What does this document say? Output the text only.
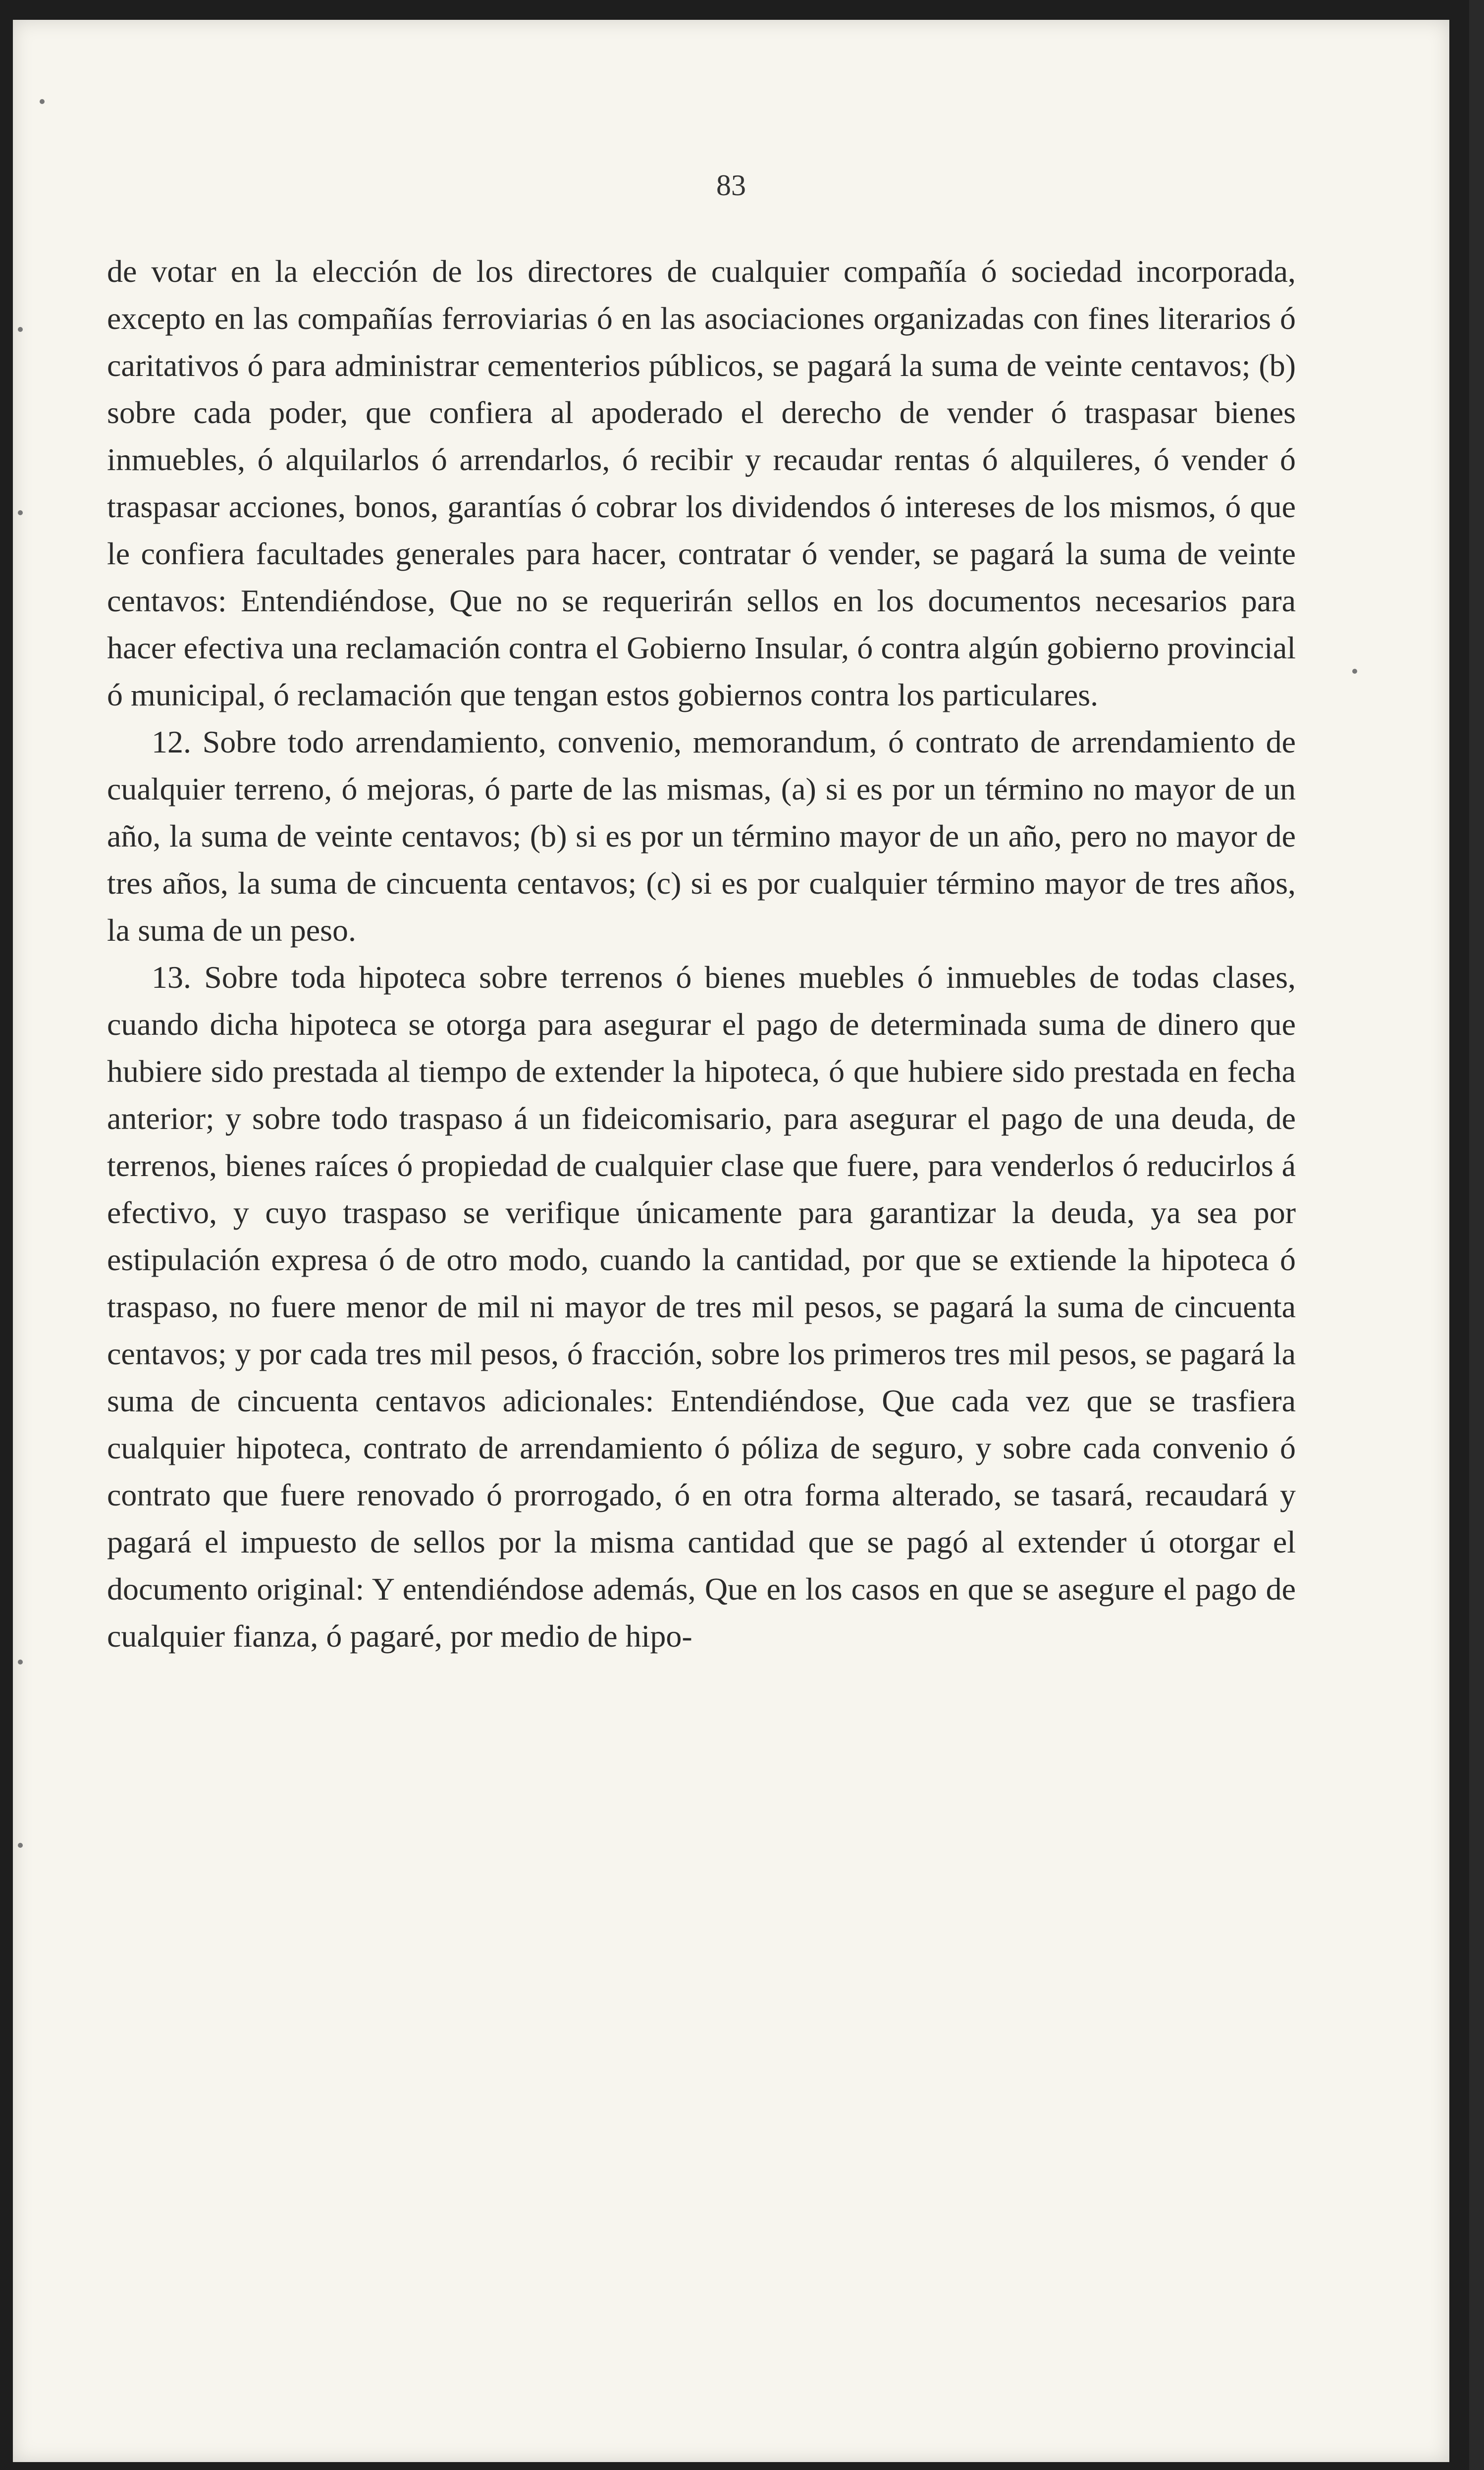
83

de votar en la elección de los directores de cualquier compañía ó sociedad incorporada, excepto en las compañías ferroviarias ó en las asociaciones organizadas con fines literarios ó caritativos ó para administrar cementerios públicos, se pagará la suma de veinte centavos; (b) sobre cada poder, que confiera al apoderado el derecho de vender ó traspasar bienes inmuebles, ó alquilarlos ó arrendarlos, ó recibir y recaudar rentas ó alquileres, ó vender ó traspasar acciones, bonos, garantías ó cobrar los dividendos ó intereses de los mismos, ó que le confiera facultades generales para hacer, contratar ó vender, se pagará la suma de veinte centavos: Entendiéndose, Que no se requerirán sellos en los documentos necesarios para hacer efectiva una reclamación contra el Gobierno Insular, ó contra algún gobierno provincial ó municipal, ó reclamación que tengan estos gobiernos contra los particulares.

12. Sobre todo arrendamiento, convenio, memorandum, ó contrato de arrendamiento de cualquier terreno, ó mejoras, ó parte de las mismas, (a) si es por un término no mayor de un año, la suma de veinte centavos; (b) si es por un término mayor de un año, pero no mayor de tres años, la suma de cincuenta centavos; (c) si es por cualquier término mayor de tres años, la suma de un peso.

13. Sobre toda hipoteca sobre terrenos ó bienes muebles ó inmuebles de todas clases, cuando dicha hipoteca se otorga para asegurar el pago de determinada suma de dinero que hubiere sido prestada al tiempo de extender la hipoteca, ó que hubiere sido prestada en fecha anterior; y sobre todo traspaso á un fideicomisario, para asegurar el pago de una deuda, de terrenos, bienes raíces ó propiedad de cualquier clase que fuere, para venderlos ó reducirlos á efectivo, y cuyo traspaso se verifique únicamente para garantizar la deuda, ya sea por estipulación expresa ó de otro modo, cuando la cantidad, por que se extiende la hipoteca ó traspaso, no fuere menor de mil ni mayor de tres mil pesos, se pagará la suma de cincuenta centavos; y por cada tres mil pesos, ó fracción, sobre los primeros tres mil pesos, se pagará la suma de cincuenta centavos adicionales: Entendiéndose, Que cada vez que se trasfiera cualquier hipoteca, contrato de arrendamiento ó póliza de seguro, y sobre cada convenio ó contrato que fuere renovado ó prorrogado, ó en otra forma alterado, se tasará, recaudará y pagará el impuesto de sellos por la misma cantidad que se pagó al extender ú otorgar el documento original: Y entendiéndose además, Que en los casos en que se asegure el pago de cualquier fianza, ó pagaré, por medio de hipo-
